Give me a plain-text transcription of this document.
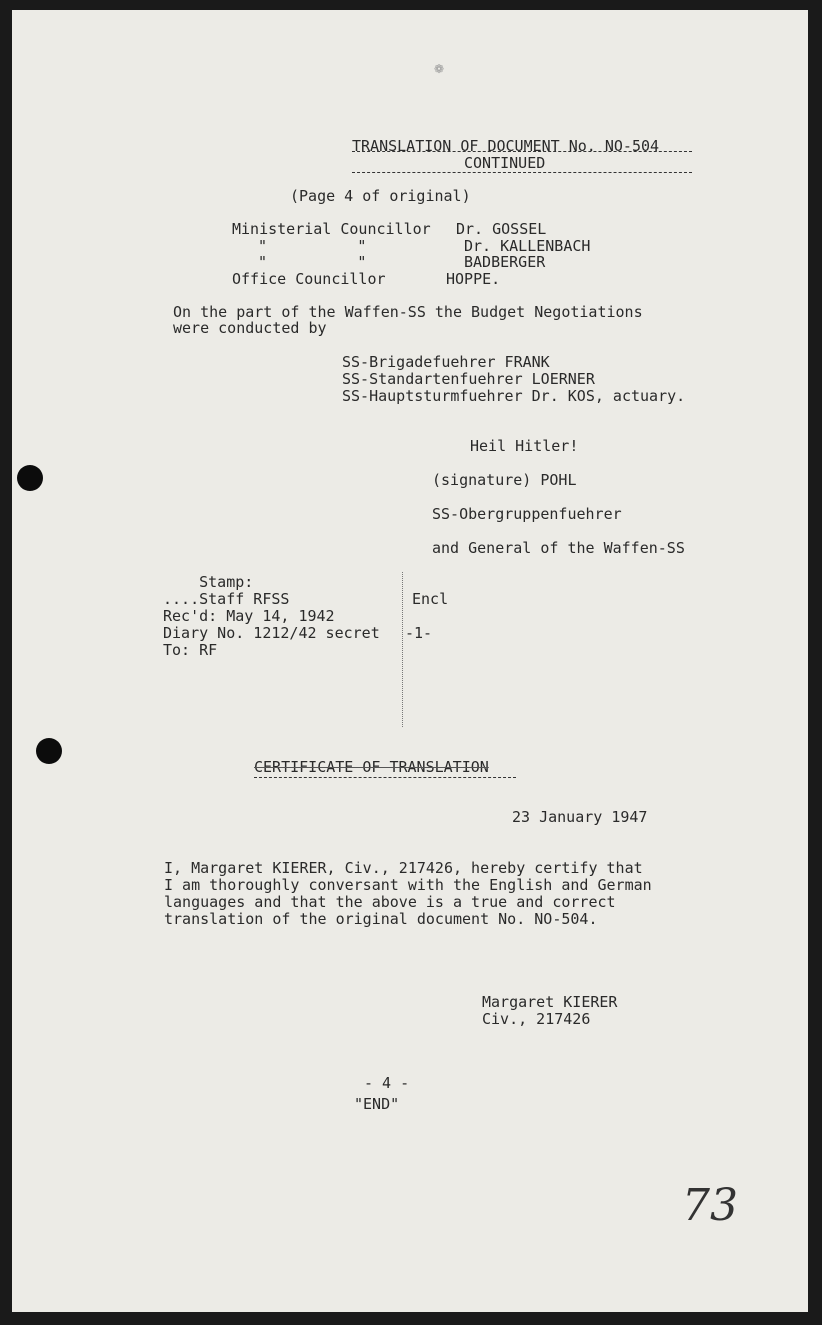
❁
TRANSLATION OF DOCUMENT No. NO-504
CONTINUED
(Page 4 of original)
Ministerial Councillor Dr. GOSSEL
"          "	Dr. KALLENBACH
"          "	BADBERGER
Office Councillor	HOPPE.
On the part of the Waffen-SS the Budget Negotiations
were conducted by
SS-Brigadefuehrer FRANK
SS-Standartenfuehrer LOERNER
SS-Hauptsturmfuehrer Dr. KOS, actuary.
Heil Hitler!
(signature) POHL
SS-Obergruppenfuehrer
and General of the Waffen-SS
Stamp:
....Staff RFSS
Rec'd: May 14, 1942
Diary No. 1212/42 secret
To: RF
Encl
-1-
CERTIFICATE OF TRANSLATION
23 January 1947
I, Margaret KIERER, Civ., 217426, hereby certify that
I am thoroughly conversant with the English and German
languages and that the above is a true and correct
translation of the original document No. NO-504.
Margaret KIERER
Civ., 217426
- 4 -
"END"
73
